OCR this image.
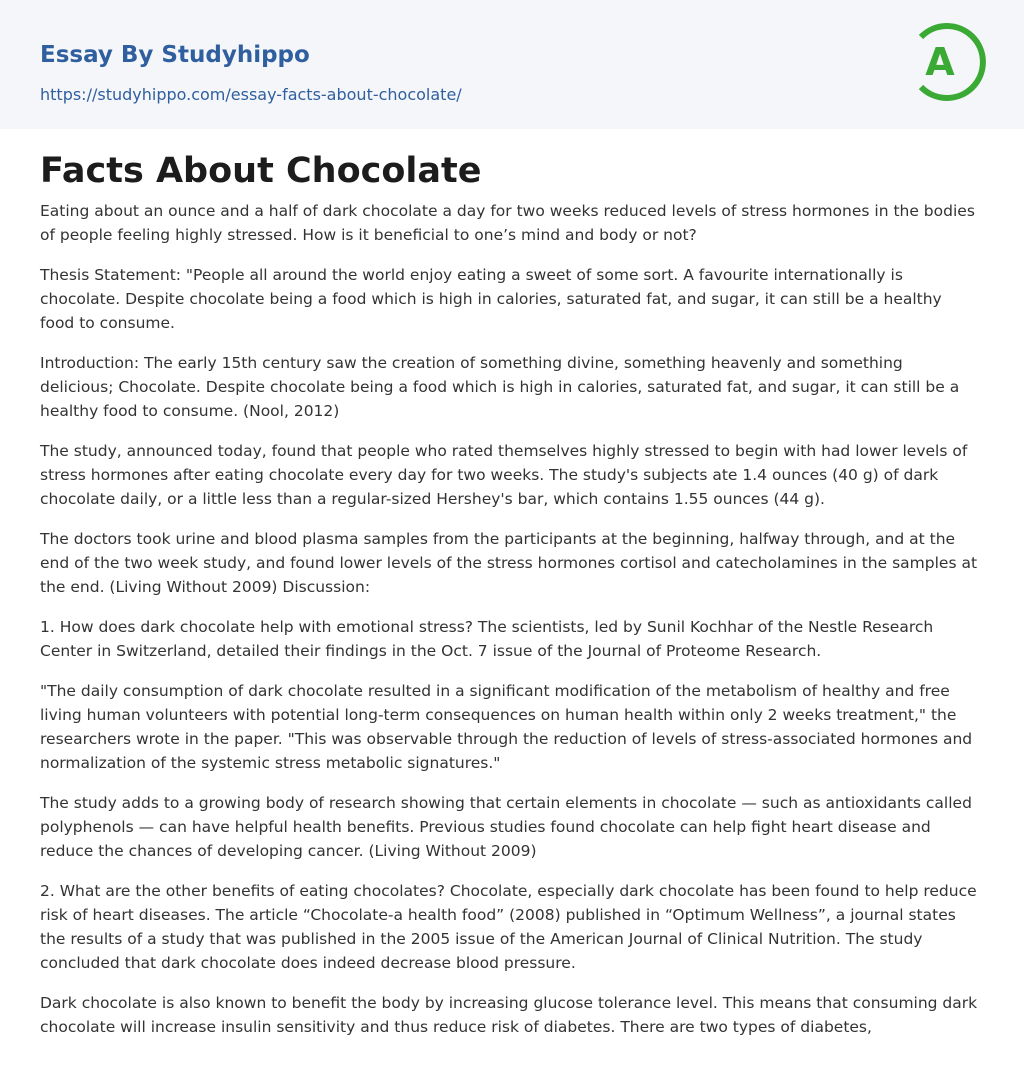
Essay By Studyhippo
https://studyhippo.com/essay-facts-about-chocolate/
A
Facts About Chocolate

Eating about an ounce and a half of dark chocolate a day for two weeks reduced levels of stress hormones in the bodies of people feeling highly stressed. How is it beneficial to one’s mind and body or not?

Thesis Statement: "People all around the world enjoy eating a sweet of some sort. A favourite internationally is chocolate. Despite chocolate being a food which is high in calories, saturated fat, and sugar, it can still be a healthy food to consume.

Introduction: The early 15th century saw the creation of something divine, something heavenly and something delicious; Chocolate. Despite chocolate being a food which is high in calories, saturated fat, and sugar, it can still be a healthy food to consume. (Nool, 2012)

The study, announced today, found that people who rated themselves highly stressed to begin with had lower levels of stress hormones after eating chocolate every day for two weeks. The study's subjects ate 1.4 ounces (40 g) of dark chocolate daily, or a little less than a regular-sized Hershey's bar, which contains 1.55 ounces (44 g).

The doctors took urine and blood plasma samples from the participants at the beginning, halfway through, and at the end of the two week study, and found lower levels of the stress hormones cortisol and catecholamines in the samples at the end. (Living Without 2009) Discussion:

1. How does dark chocolate help with emotional stress? The scientists, led by Sunil Kochhar of the Nestle Research Center in Switzerland, detailed their findings in the Oct. 7 issue of the Journal of Proteome Research.

"The daily consumption of dark chocolate resulted in a significant modification of the metabolism of healthy and free living human volunteers with potential long-term consequences on human health within only 2 weeks treatment," the researchers wrote in the paper. "This was observable through the reduction of levels of stress-associated hormones and normalization of the systemic stress metabolic signatures."

The study adds to a growing body of research showing that certain elements in chocolate — such as antioxidants called polyphenols — can have helpful health benefits. Previous studies found chocolate can help fight heart disease and reduce the chances of developing cancer. (Living Without 2009)

2. What are the other benefits of eating chocolates? Chocolate, especially dark chocolate has been found to help reduce risk of heart diseases. The article “Chocolate-a health food” (2008) published in “Optimum Wellness”, a journal states the results of a study that was published in the 2005 issue of the American Journal of Clinical Nutrition. The study concluded that dark chocolate does indeed decrease blood pressure.

Dark chocolate is also known to benefit the body by increasing glucose tolerance level. This means that consuming dark chocolate will increase insulin sensitivity and thus reduce risk of diabetes. There are two types of diabetes,
